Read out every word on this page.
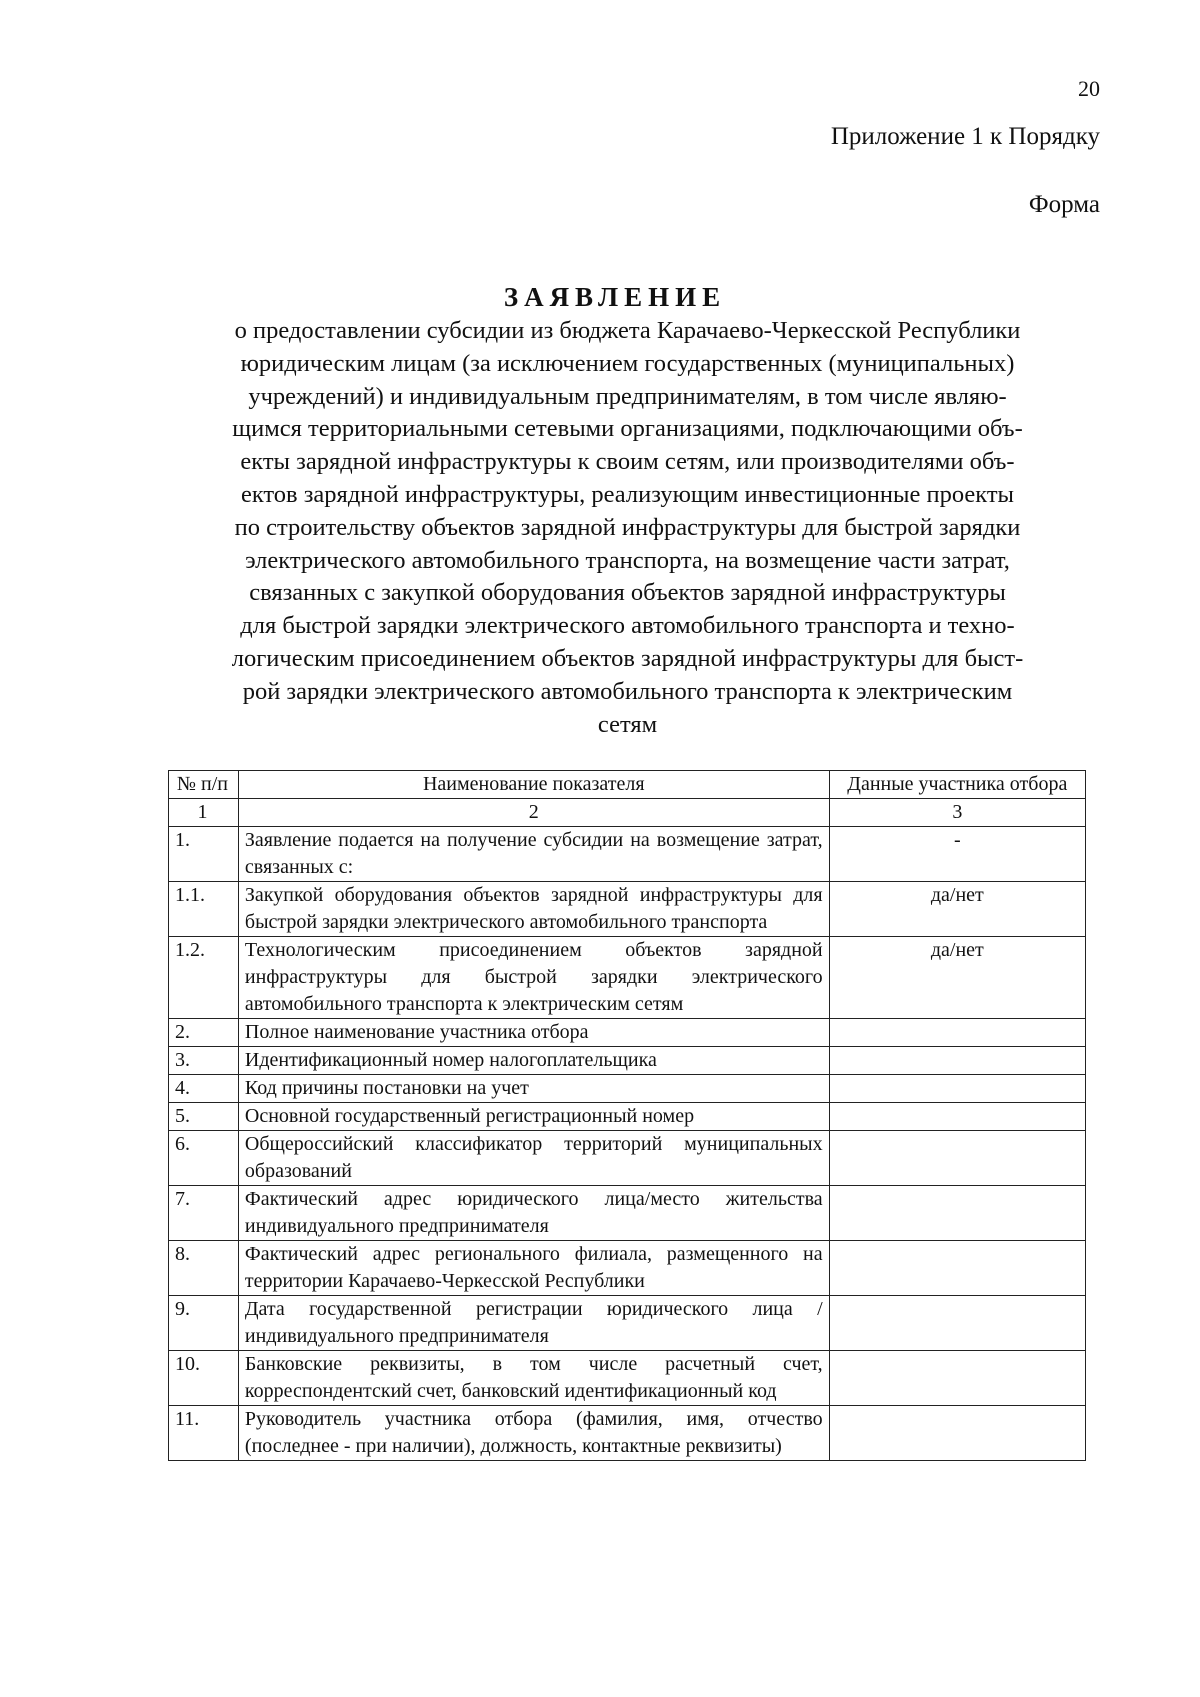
20
Приложение 1 к Порядку
Форма
ЗАЯВЛЕНИЕ
о предоставлении субсидии из бюджета Карачаево-Черкесской Республики
юридическим лицам (за исключением государственных (муниципальных)
учреждений) и индивидуальным предпринимателям, в том числе являю-
щимся территориальными сетевыми организациями, подключающими объ-
екты зарядной инфраструктуры к своим сетям, или производителями объ-
ектов зарядной инфраструктуры, реализующим инвестиционные проекты
по строительству объектов зарядной инфраструктуры для быстрой зарядки
электрического автомобильного транспорта, на возмещение части затрат,
связанных с закупкой оборудования объектов зарядной инфраструктуры
для быстрой зарядки электрического автомобильного транспорта и техно-
логическим присоединением объектов зарядной инфраструктуры для быст-
рой зарядки электрического автомобильного транспорта к электрическим
сетям
№ п/п	Наименование показателя	Данные участника отбора
1	2	3
1.	Заявление подается на получение субсидии на возмещение затрат, связанных с:	-
1.1.	Закупкой оборудования объектов зарядной инфраструктуры для быстрой зарядки электрического автомобильного транспорта	да/нет
1.2.	Технологическим присоединением объектов зарядной инфраструктуры для быстрой зарядки электрического автомобильного транспорта к электрическим сетям	да/нет
2.	Полное наименование участника отбора	
3.	Идентификационный номер налогоплательщика	
4.	Код причины постановки на учет	
5.	Основной государственный регистрационный номер	
6.	Общероссийский классификатор территорий муниципальных образований	
7.	Фактический адрес юридического лица/место жительства индивидуального предпринимателя	
8.	Фактический адрес регионального филиала, размещенного на территории Карачаево-Черкесской Республики	
9.	Дата государственной регистрации юридического лица / индивидуального предпринимателя	
10.	Банковские реквизиты, в том числе расчетный счет, корреспондентский счет, банковский идентификационный код	
11.	Руководитель участника отбора (фамилия, имя, отчество (последнее - при наличии), должность, контактные реквизиты)	
